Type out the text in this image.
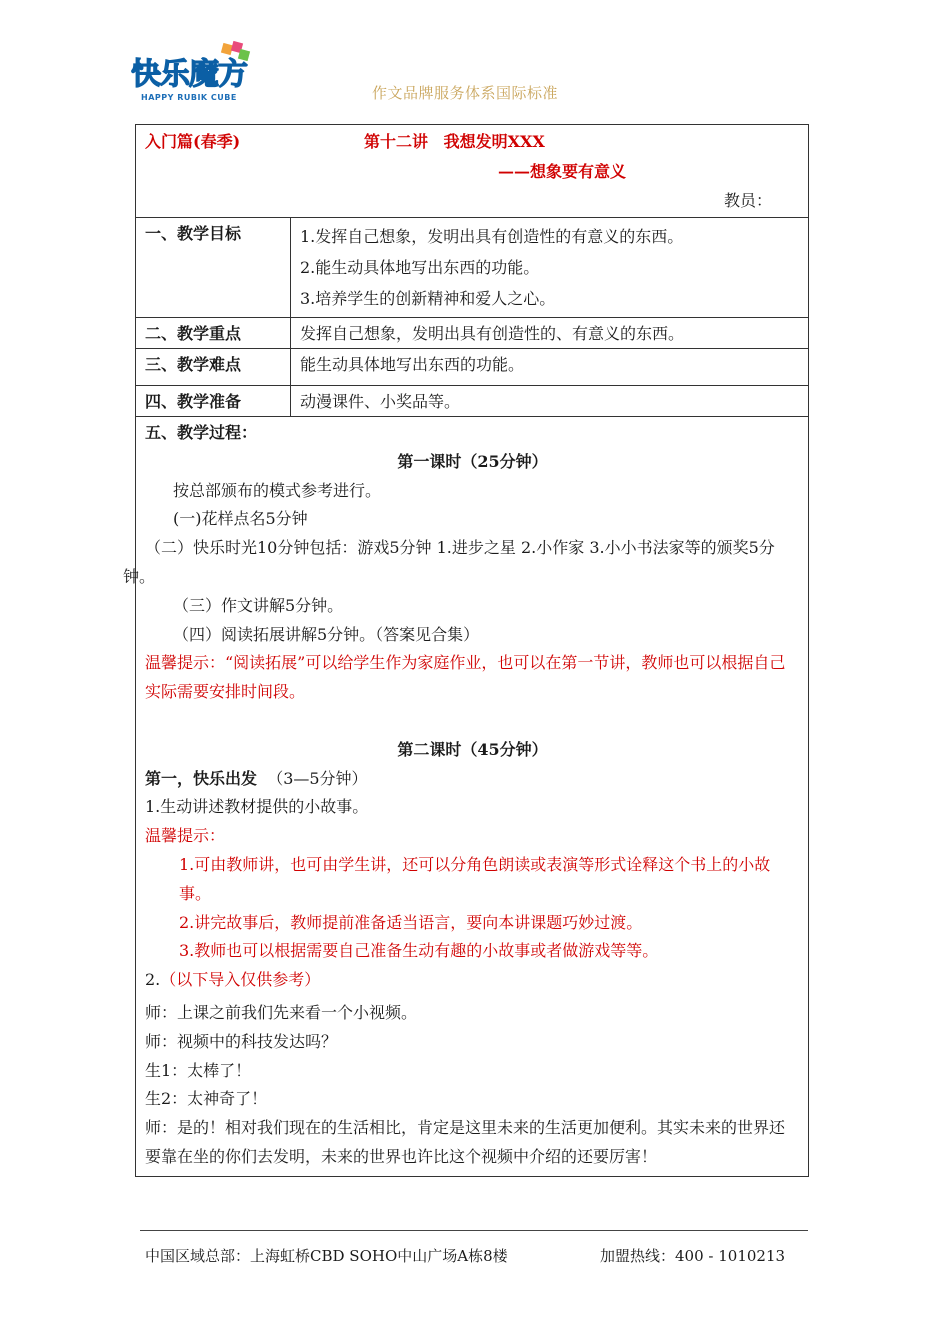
快乐魔方
HAPPY RUBIK CUBE	作文品牌服务体系国际标准
入门篇(春季)	第十二讲 我想发明XXX
——想象要有意义
教员：
一、教学目标	1.发挥自己想象，发明出具有创造性的有意义的东西。

2.能生动具体地写出东西的功能。

3.培养学生的创新精神和爱人之心。

二、教学重点	发挥自己想象，发明出具有创造性的、有意义的东西。
三、教学难点	能生动具体地写出东西的功能。
四、教学准备	动漫课件、小奖品等。

五、教学过程：

第一课时（25分钟）

按总部颁布的模式参考进行。

(一)花样点名5分钟

（二）快乐时光10分钟包括：游戏5分钟 1.进步之星 2.小作家 3.小小书法家等的颁奖5分钟。

（三）作文讲解5分钟。

（四）阅读拓展讲解5分钟。（答案见合集）

温馨提示：“阅读拓展”可以给学生作为家庭作业，也可以在第一节讲，教师也可以根据自己实际需要安排时间段。

第二课时（45分钟）

第一，快乐出发 （3—5分钟）

1.生动讲述教材提供的小故事。

温馨提示：

1.可由教师讲，也可由学生讲，还可以分角色朗读或表演等形式诠释这个书上的小故事。

2.讲完故事后，教师提前准备适当语言，要向本讲课题巧妙过渡。

3.教师也可以根据需要自己准备生动有趣的小故事或者做游戏等等。

2.（以下导入仅供参考）

师：上课之前我们先来看一个小视频。

师：视频中的科技发达吗？

生1：太棒了！

生2：太神奇了！

师：是的！相对我们现在的生活相比，肯定是这里未来的生活更加便利。其实未来的世界还要靠在坐的你们去发明，未来的世界也许比这个视频中介绍的还要厉害！

中国区域总部：上海虹桥CBD SOHO中山广场A栋8楼	加盟热线：400 - 1010213
